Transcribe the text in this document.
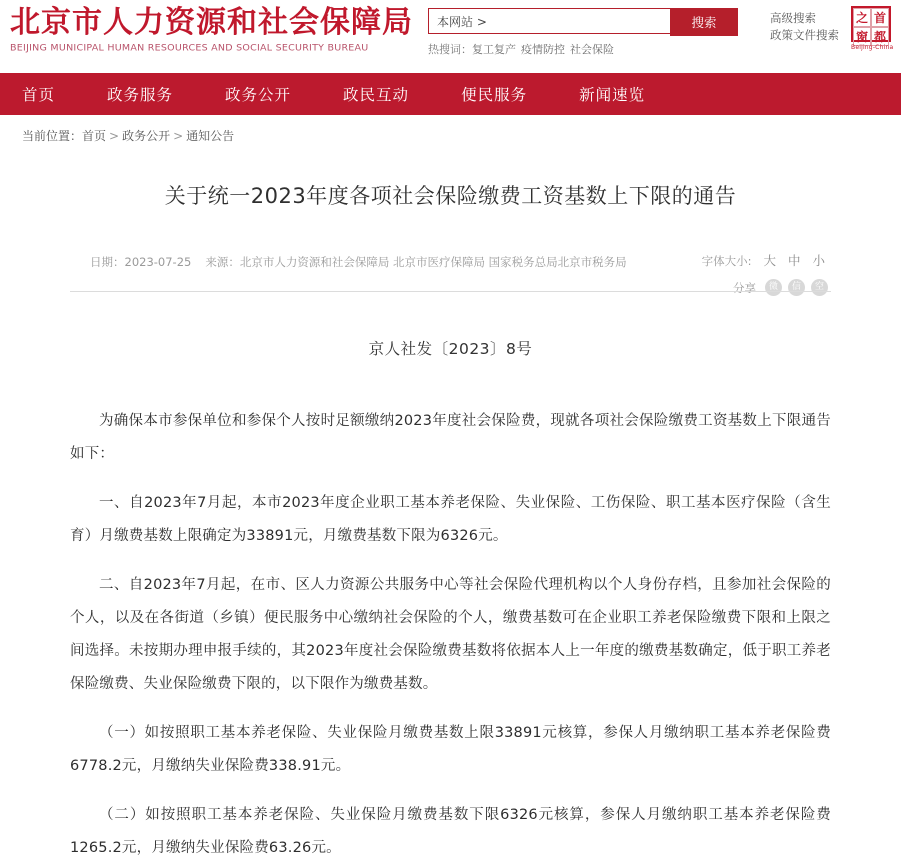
北京市人力资源和社会保障局
BEIJING MUNICIPAL HUMAN RESOURCES AND SOCIAL SECURITY BUREAU
本网站 >
搜索
热搜词：复工复产 疫情防控 社会保险
高级搜索
政策文件搜索
之 首
窗 都
Beijing-China
首页	政务服务	政务公开	政民互动	便民服务	新闻速览
当前位置：首页 > 政务公开 > 通知公告
关于统一2023年度各项社会保险缴费工资基数上下限的通告
日期：2023-07-25 来源：北京市人力资源和社会保障局 北京市医疗保障局 国家税务总局北京市税务局	字体大小: 大 中 小
分享	微	信	空
京人社发〔2023〕8号

为确保本市参保单位和参保个人按时足额缴纳2023年度社会保险费，现就各项社会保险缴费工资基数上下限通告如下：

一、自2023年7月起，本市2023年度企业职工基本养老保险、失业保险、工伤保险、职工基本医疗保险（含生育）月缴费基数上限确定为33891元，月缴费基数下限为6326元。

二、自2023年7月起，在市、区人力资源公共服务中心等社会保险代理机构以个人身份存档，且参加社会保险的个人，以及在各街道（乡镇）便民服务中心缴纳社会保险的个人，缴费基数可在企业职工养老保险缴费下限和上限之间选择。未按期办理申报手续的，其2023年度社会保险缴费基数将依据本人上一年度的缴费基数确定，低于职工养老保险缴费、失业保险缴费下限的，以下限作为缴费基数。

（一）如按照职工基本养老保险、失业保险月缴费基数上限33891元核算，参保人月缴纳职工基本养老保险费6778.2元，月缴纳失业保险费338.91元。

（二）如按照职工基本养老保险、失业保险月缴费基数下限6326元核算，参保人月缴纳职工基本养老保险费1265.2元，月缴纳失业保险费63.26元。
